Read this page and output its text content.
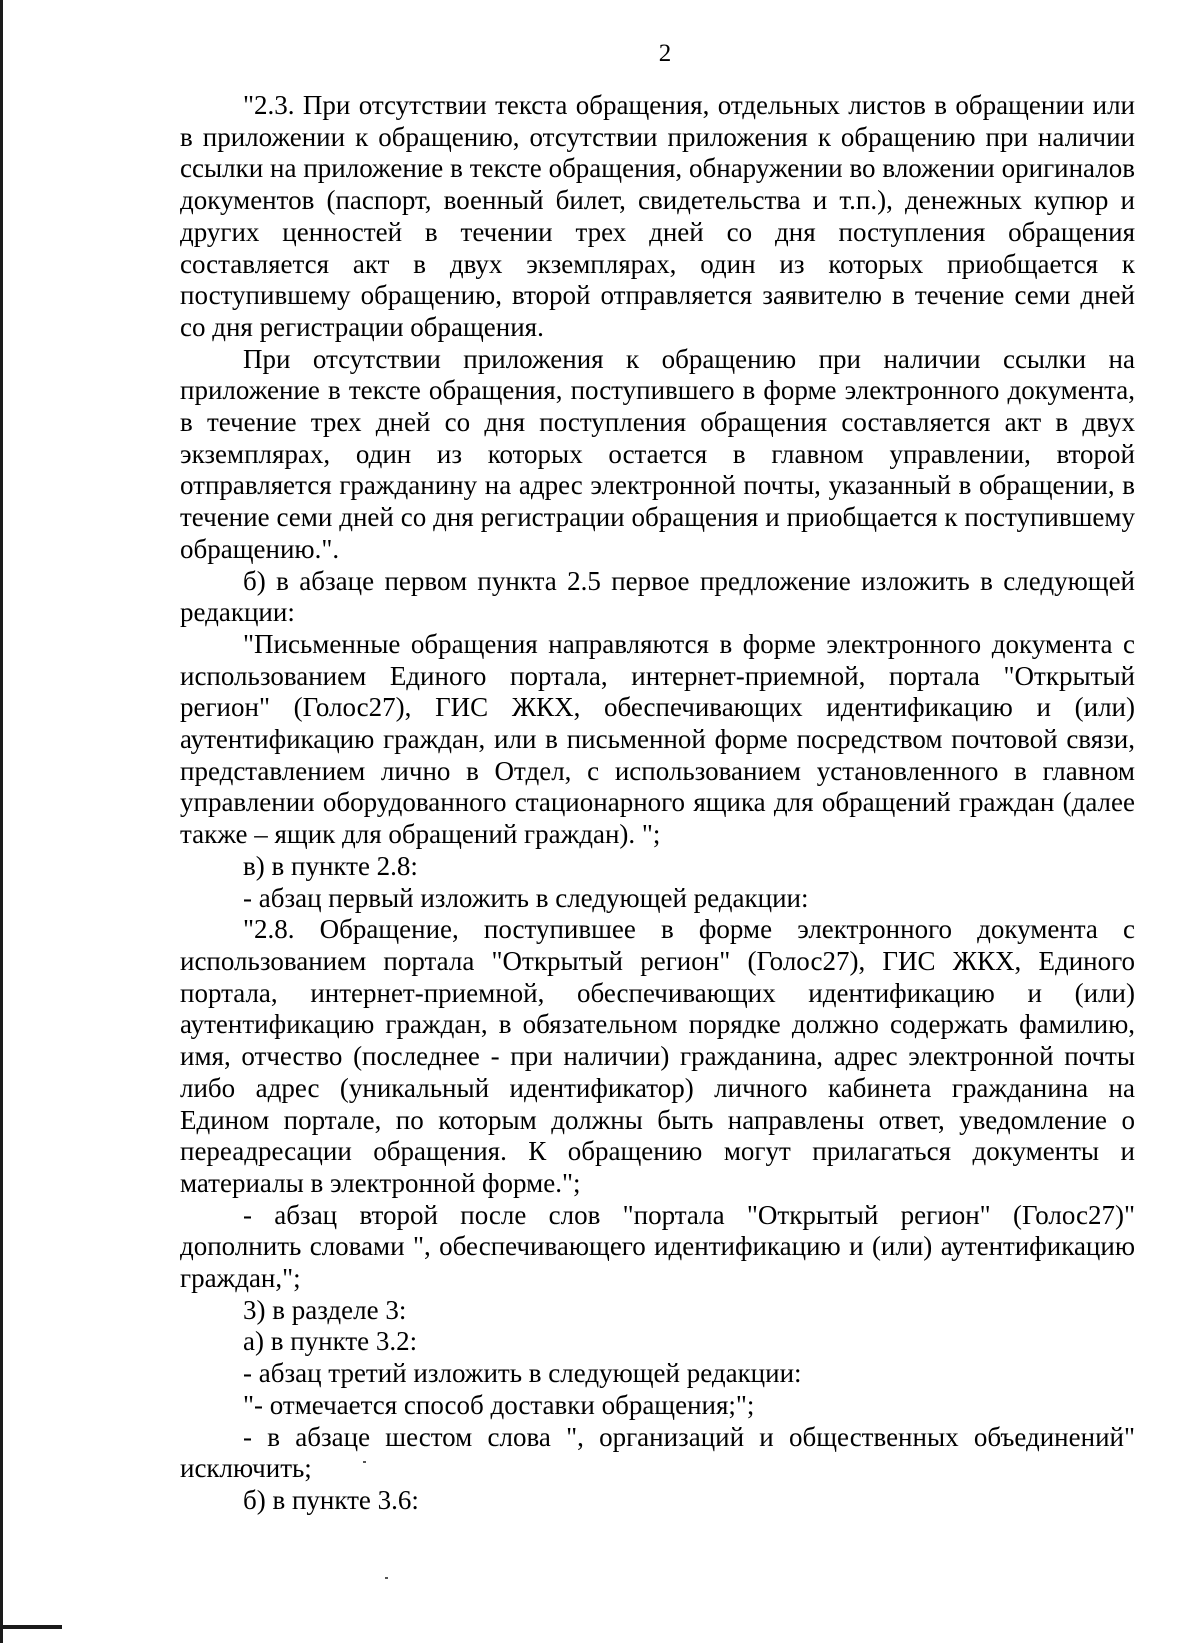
2

"2.3. При отсутствии текста обращения, отдельных листов в обращении или в приложении к обращению, отсутствии приложения к обращению при наличии ссылки на приложение в тексте обращения, обнаружении во вложении оригиналов документов (паспорт, военный билет, свидетельства и т.п.), денежных купюр и других ценностей в течении трех дней со дня поступления обращения составляется акт в двух экземплярах, один из которых приобщается к поступившему обращению, второй отправляется заявителю в течение семи дней со дня регистрации обращения.

При отсутствии приложения к обращению при наличии ссылки на приложение в тексте обращения, поступившего в форме электронного документа, в течение трех дней со дня поступления обращения составляется акт в двух экземплярах, один из которых остается в главном управлении, второй отправляется гражданину на адрес электронной почты, указанный в обращении, в течение семи дней со дня регистрации обращения и приобщается к поступившему обращению.".

б) в абзаце первом пункта 2.5 первое предложение изложить в следующей редакции:

"Письменные обращения направляются в форме электронного документа с использованием Единого портала, интернет-приемной, портала "Открытый регион" (Голос27), ГИС ЖКХ, обеспечивающих идентификацию и (или) аутентификацию граждан, или в письменной форме посредством почтовой связи, представлением лично в Отдел, с использованием установленного в главном управлении оборудованного стационарного ящика для обращений граждан (далее также – ящик для обращений граждан). ";

в) в пункте 2.8:

- абзац первый изложить в следующей редакции:

"2.8. Обращение, поступившее в форме электронного документа с использованием портала "Открытый регион" (Голос27), ГИС ЖКХ, Единого портала, интернет-приемной, обеспечивающих идентификацию и (или) аутентификацию граждан, в обязательном порядке должно содержать фамилию, имя, отчество (последнее - при наличии) гражданина, адрес электронной почты либо адрес (уникальный идентификатор) личного кабинета гражданина на Едином портале, по которым должны быть направлены ответ, уведомление о переадресации обращения. К обращению могут прилагаться документы и материалы в электронной форме.";

- абзац второй после слов "портала "Открытый регион" (Голос27)" дополнить словами ", обеспечивающего идентификацию и (или) аутентификацию граждан,";

3) в разделе 3:

а) в пункте 3.2:

- абзац третий изложить в следующей редакции:

"- отмечается способ доставки обращения;";

- в абзаце шестом слова ", организаций и общественных объединений" исключить;

б) в пункте 3.6:
